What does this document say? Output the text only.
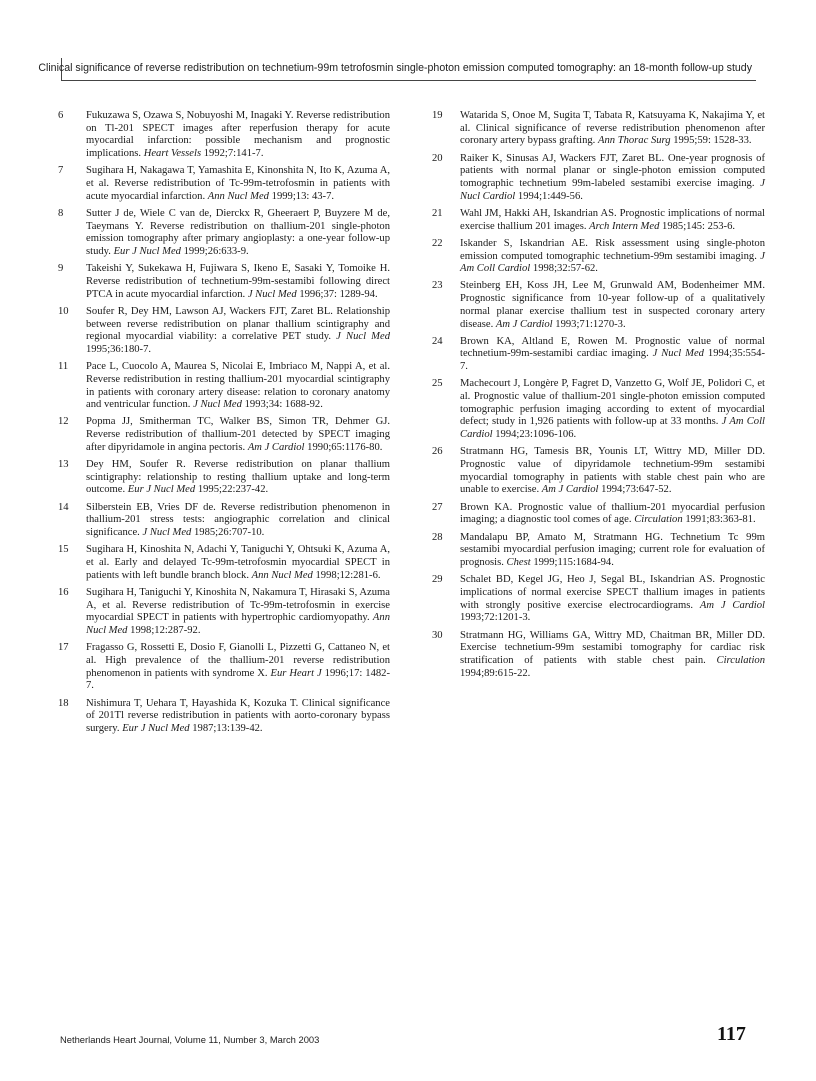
Clinical significance of reverse redistribution on technetium-99m tetrofosmin single-photon emission computed tomography: an 18-month follow-up study

6	Fukuzawa S, Ozawa S, Nobuyoshi M, Inagaki Y. Reverse redistribution on Tl-201 SPECT images after reperfusion therapy for acute myocardial infarction: possible mechanism and prognostic implications. Heart Vessels 1992;7:141-7.
7	Sugihara H, Nakagawa T, Yamashita E, Kinonshita N, Ito K, Azuma A, et al. Reverse redistribution of Tc-99m-tetrofosmin in patients with acute myocardial infarction. Ann Nucl Med 1999;13: 43-7.
8	Sutter J de, Wiele C van de, Dierckx R, Gheeraert P, Buyzere M de, Taeymans Y. Reverse redistribution on thallium-201 single-photon emission tomography after primary angioplasty: a one-year follow-up study. Eur J Nucl Med 1999;26:633-9.
9	Takeishi Y, Sukekawa H, Fujiwara S, Ikeno E, Sasaki Y, Tomoike H. Reverse redistribution of technetium-99m-sestamibi following direct PTCA in acute myocardial infarction. J Nucl Med 1996;37: 1289-94.
10	Soufer R, Dey HM, Lawson AJ, Wackers FJT, Zaret BL. Relationship between reverse redistribution on planar thallium scintigraphy and regional myocardial viability: a correlative PET study. J Nucl Med 1995;36:180-7.
11	Pace L, Cuocolo A, Maurea S, Nicolai E, Imbriaco M, Nappi A, et al. Reverse redistribution in resting thallium-201 myocardial scintigraphy in patients with coronary artery disease: relation to coronary anatomy and ventricular function. J Nucl Med 1993;34: 1688-92.
12	Popma JJ, Smitherman TC, Walker BS, Simon TR, Dehmer GJ. Reverse redistribution of thallium-201 detected by SPECT imaging after dipyridamole in angina pectoris. Am J Cardiol 1990;65:1176-80.
13	Dey HM, Soufer R. Reverse redistribution on planar thallium scintigraphy: relationship to resting thallium uptake and long-term outcome. Eur J Nucl Med 1995;22:237-42.
14	Silberstein EB, Vries DF de. Reverse redistribution phenomenon in thallium-201 stress tests: angiographic correlation and clinical significance. J Nucl Med 1985;26:707-10.
15	Sugihara H, Kinoshita N, Adachi Y, Taniguchi Y, Ohtsuki K, Azuma A, et al. Early and delayed Tc-99m-tetrofosmin myocardial SPECT in patients with left bundle branch block. Ann Nucl Med 1998;12:281-6.
16	Sugihara H, Taniguchi Y, Kinoshita N, Nakamura T, Hirasaki S, Azuma A, et al. Reverse redistribution of Tc-99m-tetrofosmin in exercise myocardial SPECT in patients with hypertrophic cardiomyopathy. Ann Nucl Med 1998;12:287-92.
17	Fragasso G, Rossetti E, Dosio F, Gianolli L, Pizzetti G, Cattaneo N, et al. High prevalence of the thallium-201 reverse redistribution phenomenon in patients with syndrome X. Eur Heart J 1996;17: 1482-7.
18	Nishimura T, Uehara T, Hayashida K, Kozuka T. Clinical significance of 201Tl reverse redistribution in patients with aorto-coronary bypass surgery. Eur J Nucl Med 1987;13:139-42.
19	Watarida S, Onoe M, Sugita T, Tabata R, Katsuyama K, Nakajima Y, et al. Clinical significance of reverse redistribution phenomenon after coronary artery bypass grafting. Ann Thorac Surg 1995;59: 1528-33.
20	Raiker K, Sinusas AJ, Wackers FJT, Zaret BL. One-year prognosis of patients with normal planar or single-photon emission computed tomographic technetium 99m-labeled sestamibi exercise imaging. J Nucl Cardiol 1994;1:449-56.
21	Wahl JM, Hakki AH, Iskandrian AS. Prognostic implications of normal exercise thallium 201 images. Arch Intern Med 1985;145: 253-6.
22	Iskander S, Iskandrian AE. Risk assessment using single-photon emission computed tomographic technetium-99m sestamibi imaging. J Am Coll Cardiol 1998;32:57-62.
23	Steinberg EH, Koss JH, Lee M, Grunwald AM, Bodenheimer MM. Prognostic significance from 10-year follow-up of a qualitatively normal planar exercise thallium test in suspected coronary artery disease. Am J Cardiol 1993;71:1270-3.
24	Brown KA, Altland E, Rowen M. Prognostic value of normal technetium-99m-sestamibi cardiac imaging. J Nucl Med 1994;35:554-7.
25	Machecourt J, Longère P, Fagret D, Vanzetto G, Wolf JE, Polidori C, et al. Prognostic value of thallium-201 single-photon emission computed tomographic perfusion imaging according to extent of myocardial defect; study in 1,926 patients with follow-up at 33 months. J Am Coll Cardiol 1994;23:1096-106.
26	Stratmann HG, Tamesis BR, Younis LT, Wittry MD, Miller DD. Prognostic value of dipyridamole technetium-99m sestamibi myocardial tomography in patients with stable chest pain who are unable to exercise. Am J Cardiol 1994;73:647-52.
27	Brown KA. Prognostic value of thallium-201 myocardial perfusion imaging; a diagnostic tool comes of age. Circulation 1991;83:363-81.
28	Mandalapu BP, Amato M, Stratmann HG. Technetium Tc 99m sestamibi myocardial perfusion imaging; current role for evaluation of prognosis. Chest 1999;115:1684-94.
29	Schalet BD, Kegel JG, Heo J, Segal BL, Iskandrian AS. Prognostic implications of normal exercise SPECT thallium images in patients with strongly positive exercise electrocardiograms. Am J Cardiol 1993;72:1201-3.
30	Stratmann HG, Williams GA, Wittry MD, Chaitman BR, Miller DD. Exercise technetium-99m sestamibi tomography for cardiac risk stratification of patients with stable chest pain. Circulation 1994;89:615-22.

Netherlands Heart Journal, Volume 11, Number 3, March 2003	117
